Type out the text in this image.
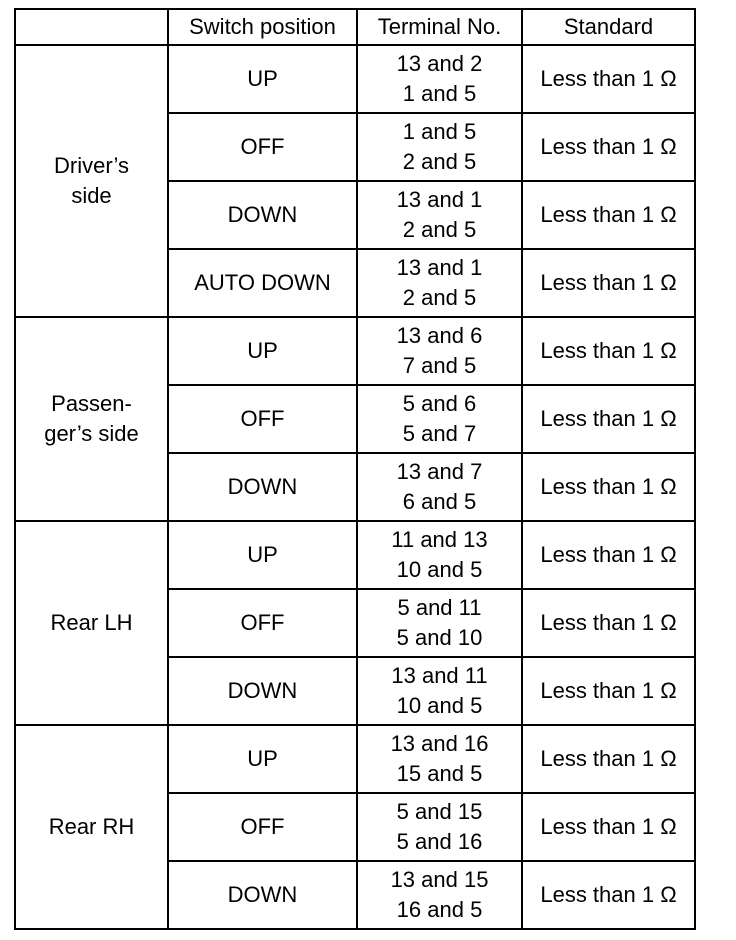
	Switch position	Terminal No.	Standard

Driver’s
side	UP	13 and 2
1 and 5	Less than 1 Ω
	OFF	1 and 5
2 and 5	Less than 1 Ω
	DOWN	13 and 1
2 and 5	Less than 1 Ω
	AUTO DOWN	13 and 1
2 and 5	Less than 1 Ω

Passen-
ger’s side	UP	13 and 6
7 and 5	Less than 1 Ω
	OFF	5 and 6
5 and 7	Less than 1 Ω
	DOWN	13 and 7
6 and 5	Less than 1 Ω

Rear LH	UP	11 and 13
10 and 5	Less than 1 Ω
	OFF	5 and 11
5 and 10	Less than 1 Ω
	DOWN	13 and 11
10 and 5	Less than 1 Ω

Rear RH	UP	13 and 16
15 and 5	Less than 1 Ω
	OFF	5 and 15
5 and 16	Less than 1 Ω
	DOWN	13 and 15
16 and 5	Less than 1 Ω
